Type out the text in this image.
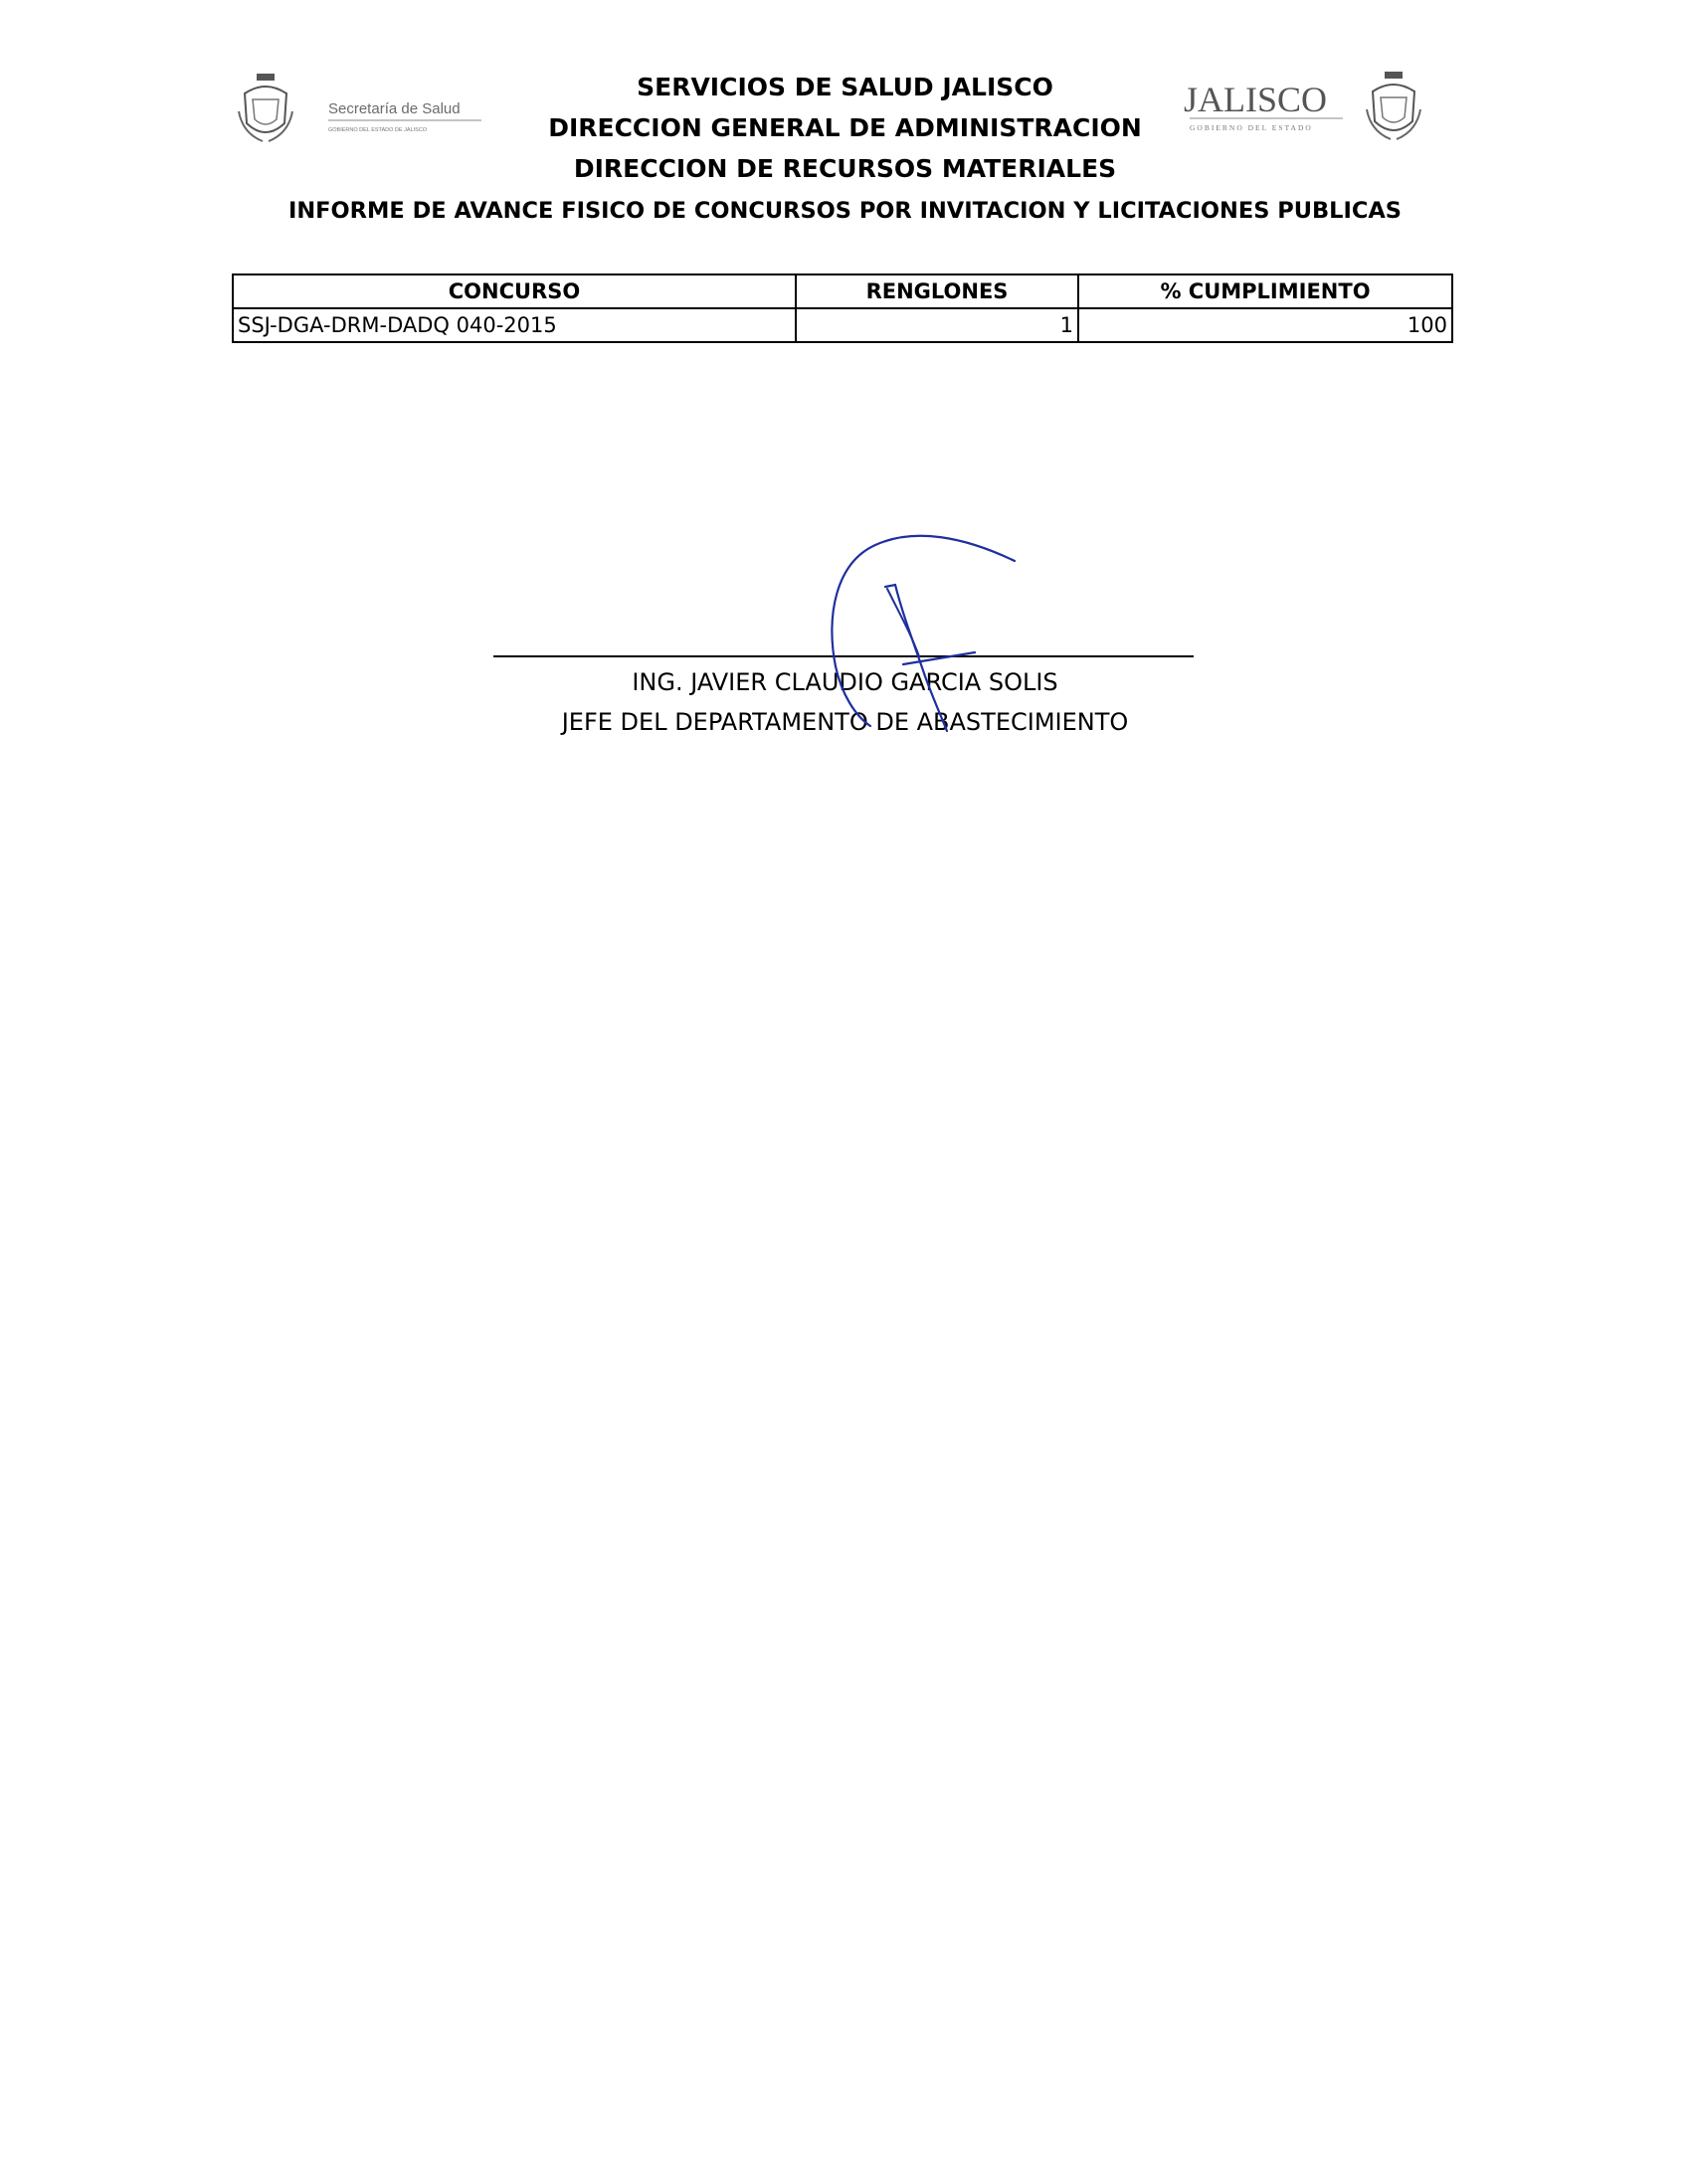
Secretaría de Salud
GOBIERNO DEL ESTADO DE JALISCO
JALISCO
GOBIERNO DEL ESTADO
SERVICIOS DE SALUD JALISCO
DIRECCION GENERAL DE ADMINISTRACION
DIRECCION DE RECURSOS MATERIALES
INFORME DE AVANCE FISICO DE CONCURSOS POR INVITACION Y LICITACIONES PUBLICAS
CONCURSO	RENGLONES	% CUMPLIMIENTO
SSJ-DGA-DRM-DADQ 040-2015	1	100
ING. JAVIER CLAUDIO GARCIA SOLIS
JEFE DEL DEPARTAMENTO DE ABASTECIMIENTO
